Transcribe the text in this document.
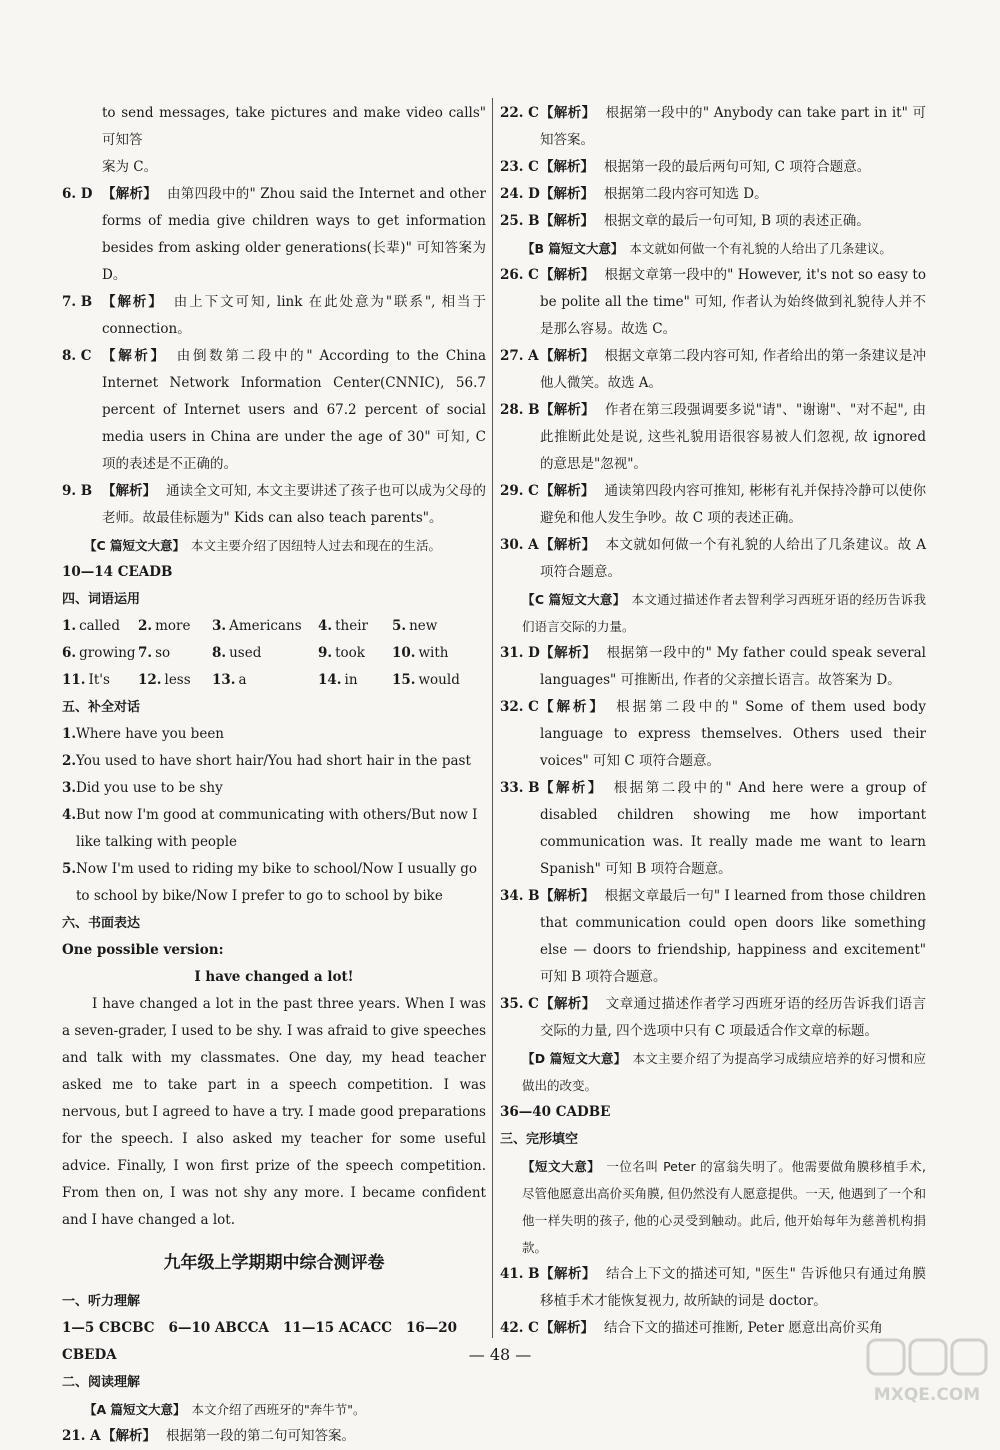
to send messages, take pictures and make video calls" 可知答
案为 C。
6. D 【解析】 由第四段中的" Zhou said the Internet and other forms of media give children ways to get information besides from asking older generations(长辈)" 可知答案为 D。
7. B 【解析】 由上下文可知, link 在此处意为"联系", 相当于 connection。
8. C 【解析】 由倒数第二段中的" According to the China Internet Network Information Center(CNNIC), 56.7 percent of Internet users and 67.2 percent of social media users in China are under the age of 30" 可知, C 项的表述是不正确的。
9. B 【解析】 通读全文可知, 本文主要讲述了孩子也可以成为父母的老师。故最佳标题为" Kids can also teach parents"。
【C 篇短文大意】 本文主要介绍了因纽特人过去和现在的生活。
10—14 CEADB
四、词语运用
1. called	2. more	3. Americans	4. their	5. new
6. growing 7. so	8. used	9. took	10. with
11. It's	12. less	13. a	14. in	15. would
五、补全对话
1. Where have you been
2. You used to have short hair/You had short hair in the past
3. Did you use to be shy
4. But now I'm good at communicating with others/But now I like talking with people
5. Now I'm used to riding my bike to school/Now I usually go to school by bike/Now I prefer to go to school by bike
六、书面表达
One possible version:
I have changed a lot!
I have changed a lot in the past three years. When I was a seven-grader, I used to be shy. I was afraid to give speeches and talk with my classmates. One day, my head teacher asked me to take part in a speech competition. I was nervous, but I agreed to have a try. I made good preparations for the speech. I also asked my teacher for some useful advice. Finally, I won first prize of the speech competition. From then on, I was not shy any more. I became confident and I have changed a lot.
九年级上学期期中综合测评卷
一、听力理解
1—5 CBCBC 6—10 ABCCA 11—15 ACACC 16—20 CBEDA
二、阅读理解
【A 篇短文大意】 本文介绍了西班牙的"奔牛节"。
21. A 【解析】 根据第一段的第二句可知答案。
22. C 【解析】 根据第一段中的" Anybody can take part in it" 可知答案。
23. C 【解析】 根据第一段的最后两句可知, C 项符合题意。
24. D 【解析】 根据第二段内容可知选 D。
25. B 【解析】 根据文章的最后一句可知, B 项的表述正确。
【B 篇短文大意】 本文就如何做一个有礼貌的人给出了几条建议。
26. C 【解析】 根据文章第一段中的" However, it's not so easy to be polite all the time" 可知, 作者认为始终做到礼貌待人并不是那么容易。故选 C。
27. A 【解析】 根据文章第二段内容可知, 作者给出的第一条建议是冲他人微笑。故选 A。
28. B 【解析】 作者在第三段强调要多说"请"、"谢谢"、"对不起", 由此推断此处是说, 这些礼貌用语很容易被人们忽视, 故 ignored 的意思是"忽视"。
29. C 【解析】 通读第四段内容可推知, 彬彬有礼并保持冷静可以使你避免和他人发生争吵。故 C 项的表述正确。
30. A 【解析】 本文就如何做一个有礼貌的人给出了几条建议。故 A 项符合题意。
【C 篇短文大意】 本文通过描述作者去智利学习西班牙语的经历告诉我们语言交际的力量。
31. D 【解析】 根据第一段中的" My father could speak several languages" 可推断出, 作者的父亲擅长语言。故答案为 D。
32. C 【解析】 根据第二段中的" Some of them used body language to express themselves. Others used their voices" 可知 C 项符合题意。
33. B 【解析】 根据第二段中的" And here were a group of disabled children showing me how important communication was. It really made me want to learn Spanish" 可知 B 项符合题意。
34. B 【解析】 根据文章最后一句" I learned from those children that communication could open doors like something else — doors to friendship, happiness and excitement" 可知 B 项符合题意。
35. C 【解析】 文章通过描述作者学习西班牙语的经历告诉我们语言交际的力量, 四个选项中只有 C 项最适合作文章的标题。
【D 篇短文大意】 本文主要介绍了为提高学习成绩应培养的好习惯和应做出的改变。
36—40 CADBE
三、完形填空
【短文大意】 一位名叫 Peter 的富翁失明了。他需要做角膜移植手术, 尽管他愿意出高价买角膜, 但仍然没有人愿意提供。一天, 他遇到了一个和他一样失明的孩子, 他的心灵受到触动。此后, 他开始每年为慈善机构捐款。
41. B 【解析】 结合上下文的描述可知, "医生" 告诉他只有通过角膜移植手术才能恢复视力, 故所缺的词是 doctor。
42. C 【解析】 结合下文的描述可推断, Peter 愿意出高价买角
— 48 —
MXQE.COM
